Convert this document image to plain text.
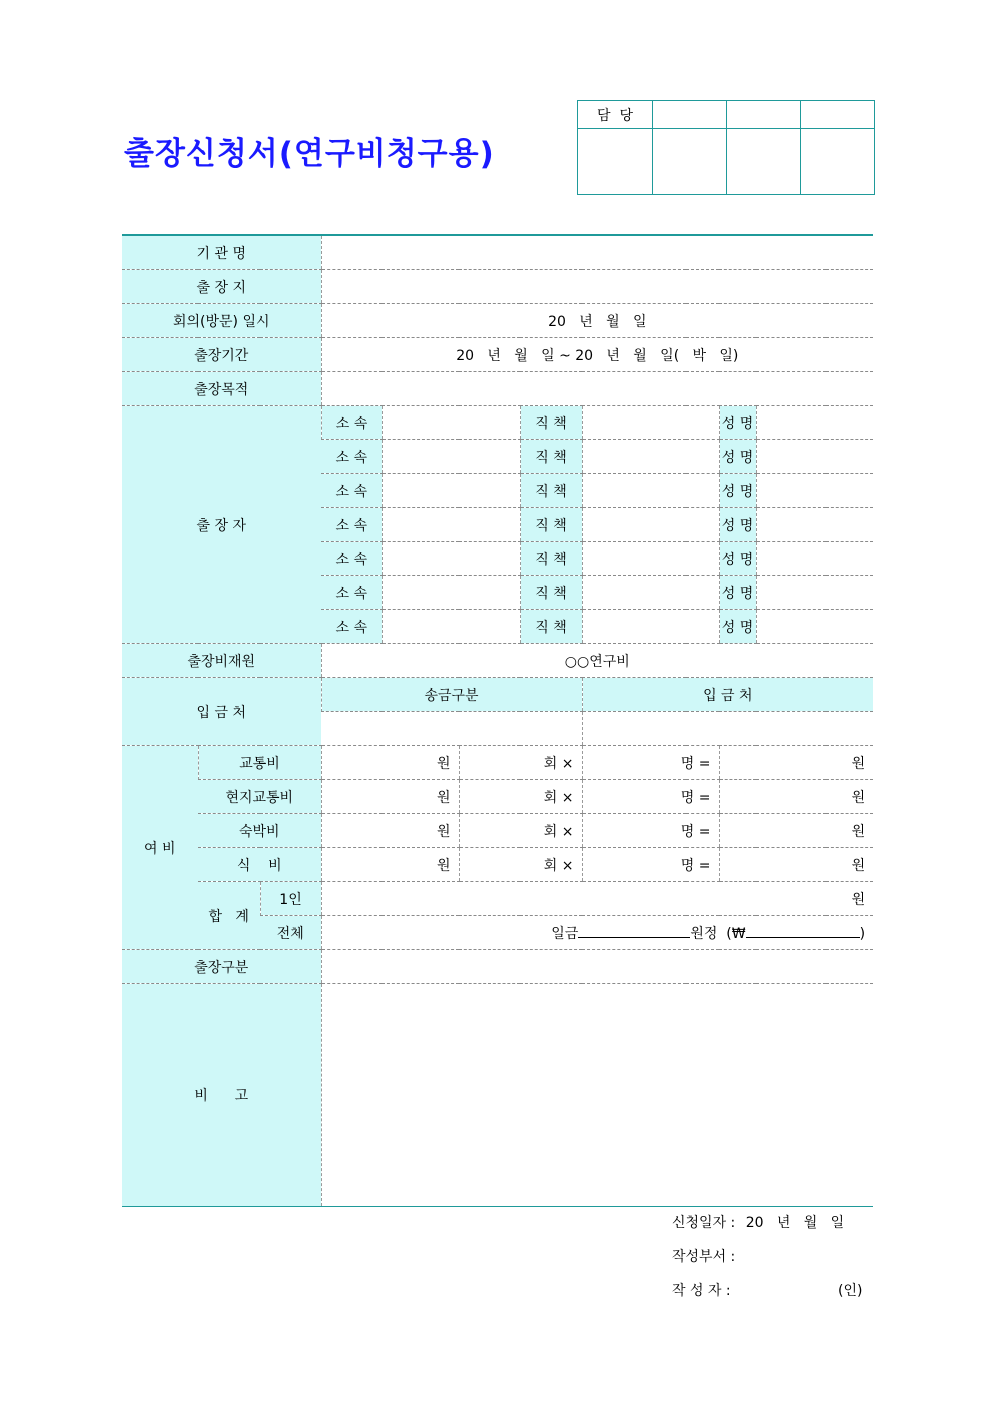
출장신청서(연구비청구용)
담  당			

기 관 명									
출 장 지									
회의(방문) 일시			20   년   월   일						
출장기간			20   년   월   일 ~ 20   년   월   일(   박   일)						
출장목적									
출 장 자			소 속			직 책		성 명	
			소 속			직 책		성 명	
			소 속			직 책		성 명	
			소 속			직 책		성 명	
			소 속			직 책		성 명	
			소 속			직 책		성 명	
			소 속			직 책		성 명	
출장비재원			○○연구비						
입 금 처			송금구분				입 금 처		

여 비	교통비		원		회 ×		명 =	원	
	현지교통비		원		회 ×		명 =	원	
	숙박비		원		회 ×		명 =	원	
	식    비		원		회 ×		명 =	원	
	합   계	1인	원						
		전체	일금 원정  (₩ )						
출장구분									
비      고									
신청일자 : 20   년   월   일
작성부서 :
작 성 자 :	(인)
